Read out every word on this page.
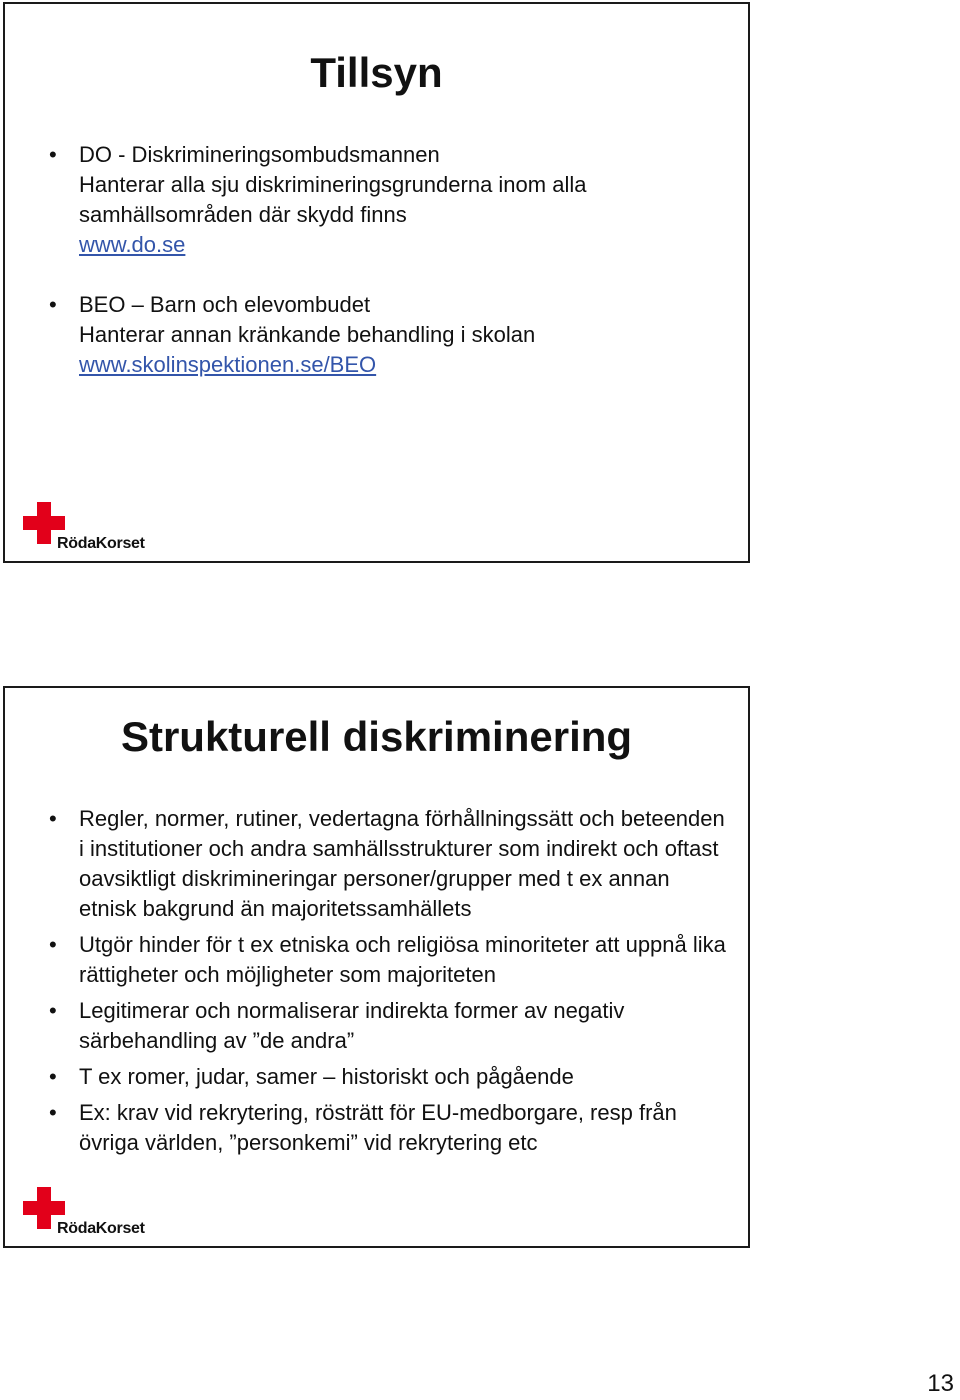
Tillsyn
• DO - Diskrimineringsombudsmannen
Hanterar alla sju diskrimineringsgrunderna inom alla
samhällsområden där skydd finns
www.do.se
• BEO – Barn och elevombudet
Hanterar annan kränkande behandling i skolan
www.skolinspektionen.se/BEO
RödaKorset
Strukturell diskriminering
• Regler, normer, rutiner, vedertagna förhållningssätt och beteenden i institutioner och andra samhällsstrukturer som indirekt och oftast oavsiktligt diskrimineringar personer/grupper med t ex annan etnisk bakgrund än majoritetssamhällets
• Utgör hinder för t ex etniska och religiösa minoriteter att uppnå lika rättigheter och möjligheter som majoriteten
• Legitimerar och normaliserar indirekta former av negativ särbehandling av ”de andra”
• T ex romer, judar, samer – historiskt och pågående
• Ex: krav vid rekrytering, rösträtt för EU-medborgare, resp från övriga världen, ”personkemi” vid rekrytering etc
RödaKorset
13
